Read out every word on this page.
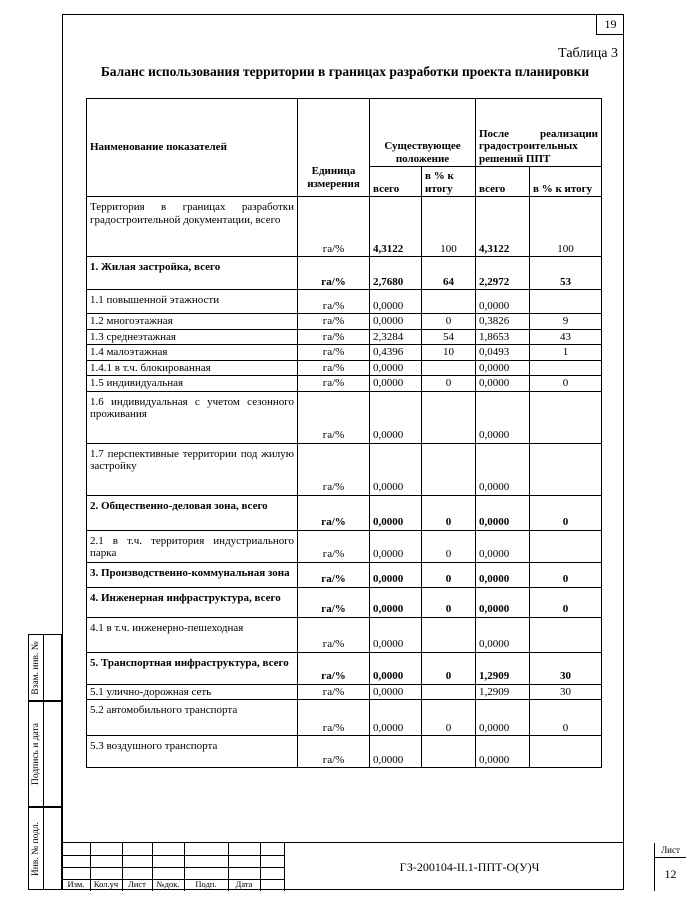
19
Таблица 3
Баланс использования территории в границах разработки проекта планировки
Наименование показателей	Единица измерения	Существующее положение		После реализации градостроительных решений ППТ	
		всего	в % к итогу	всего	в % к итогу
Территория в границах разработки градостроительной документации, всего	га/%	4,3122	100	4,3122	100
1. Жилая застройка, всего	га/%	2,7680	64	2,2972	53
1.1 повышенной этажности	га/%	0,0000		0,0000	
1.2 многоэтажная	га/%	0,0000	0	0,3826	9
1.3 среднеэтажная	га/%	2,3284	54	1,8653	43
1.4 малоэтажная	га/%	0,4396	10	0,0493	1
1.4.1 в т.ч. блокированная	га/%	0,0000		0,0000	
1.5 индивидуальная	га/%	0,0000	0	0,0000	0
1.6 индивидуальная с учетом сезонного проживания	га/%	0,0000		0,0000	
1.7 перспективные территории под жилую застройку	га/%	0,0000		0,0000	
2. Общественно-деловая зона, всего	га/%	0,0000	0	0,0000	0
2.1 в т.ч. территория индустриального парка	га/%	0,0000	0	0,0000	
3. Производственно-коммунальная зона	га/%	0,0000	0	0,0000	0
4. Инженерная инфраструктура, всего	га/%	0,0000	0	0,0000	0
4.1 в т.ч. инженерно-пешеходная	га/%	0,0000		0,0000	
5. Транспортная инфраструктура, всего	га/%	0,0000	0	1,2909	30
5.1 улично-дорожная сеть	га/%	0,0000		1,2909	30
5.2 автомобильного транспорта	га/%	0,0000	0	0,0000	0
5.3 воздушного транспорта	га/%	0,0000		0,0000	
Взам. инв. №
Подпись и дата
Инв. № подл.
Изм.	Кол.уч	Лист	№док.	Подп.	Дата
ГЗ-200104-II.1-ППТ-О(У)Ч
Лист
12
